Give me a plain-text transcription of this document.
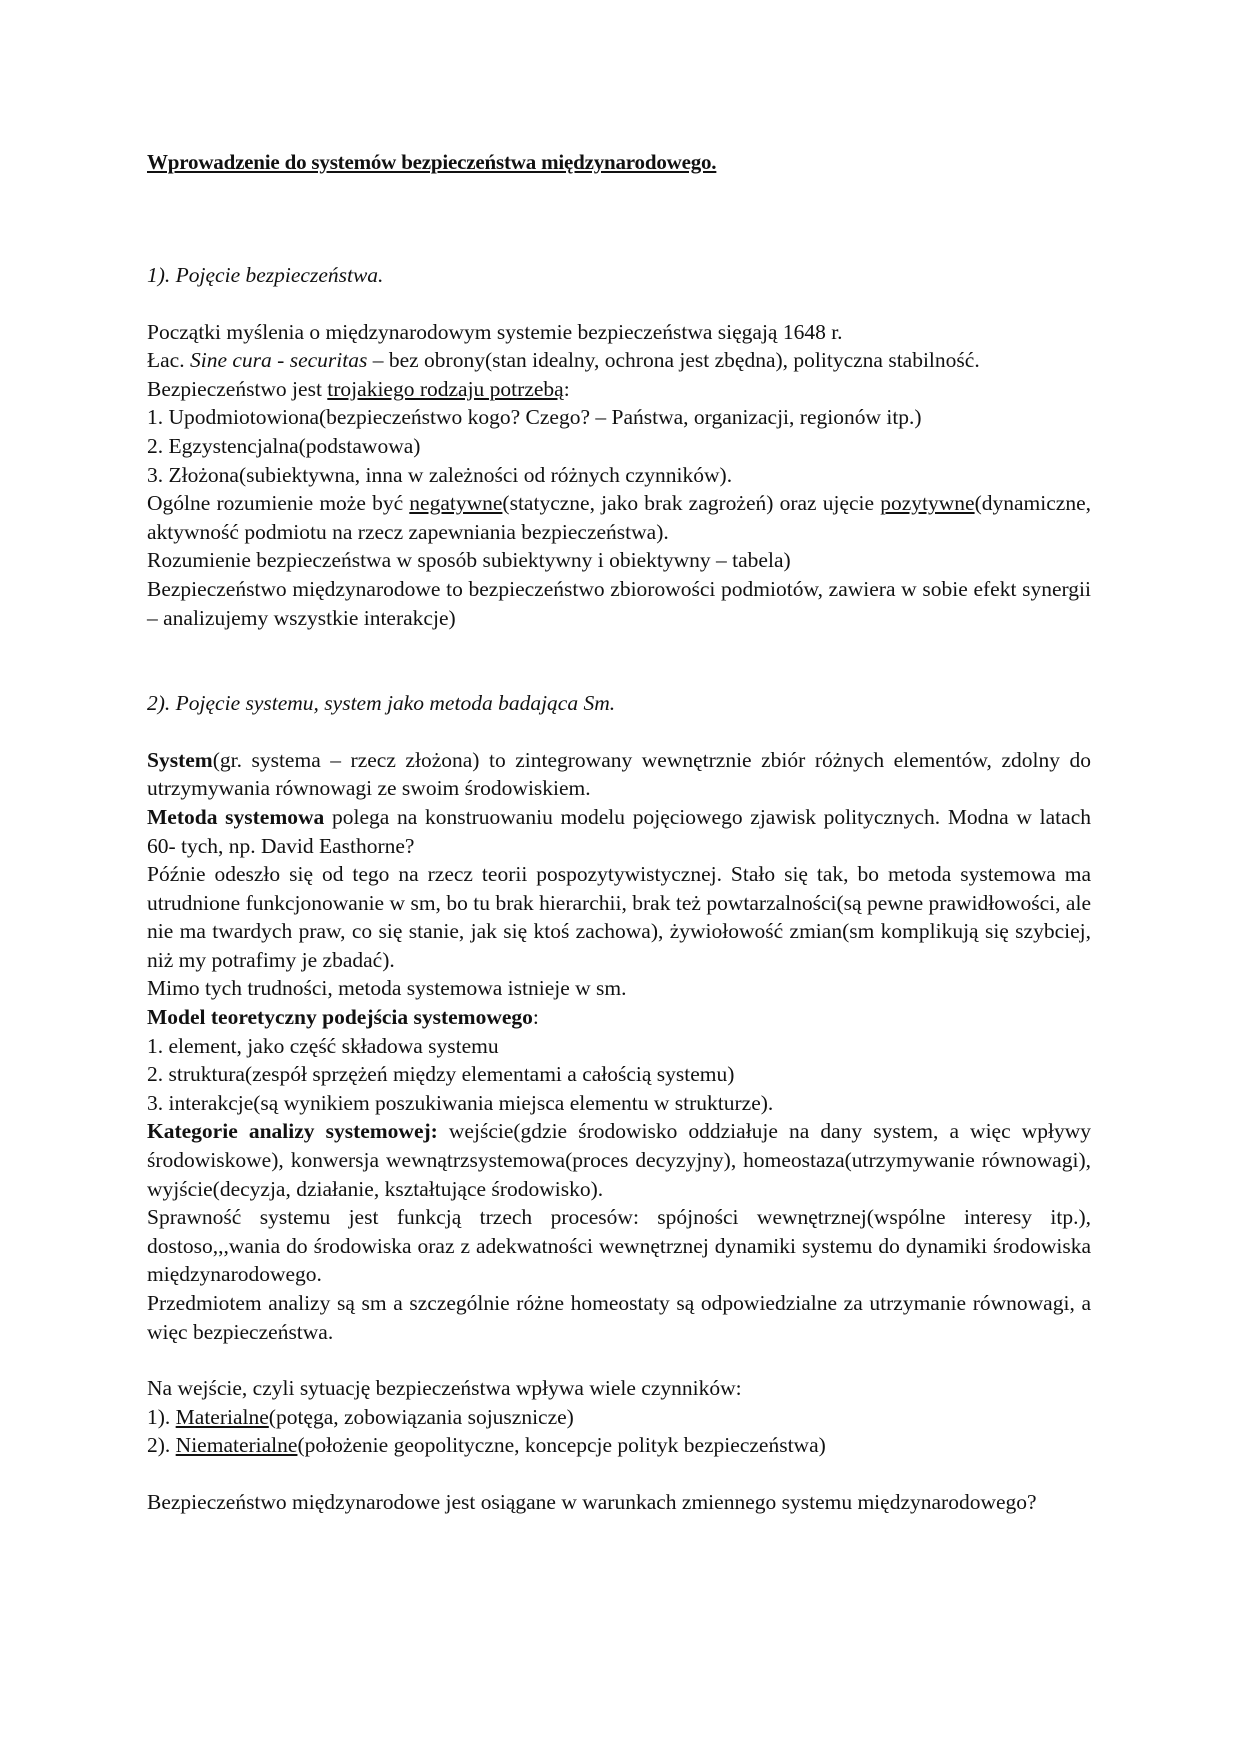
Wprowadzenie do systemów bezpieczeństwa międzynarodowego.

1). Pojęcie bezpieczeństwa.

Początki myślenia o międzynarodowym systemie bezpieczeństwa sięgają 1648 r.

Łac. Sine cura - securitas – bez obrony(stan idealny, ochrona jest zbędna), polityczna stabilność.

Bezpieczeństwo jest trojakiego rodzaju potrzebą:

1. Upodmiotowiona(bezpieczeństwo kogo? Czego? – Państwa, organizacji, regionów itp.)

2. Egzystencjalna(podstawowa)

3. Złożona(subiektywna, inna w zależności od różnych czynników).

Ogólne rozumienie może być negatywne(statyczne, jako brak zagrożeń) oraz ujęcie pozytywne(dynamiczne, aktywność podmiotu na rzecz zapewniania bezpieczeństwa).

Rozumienie bezpieczeństwa w sposób subiektywny i obiektywny – tabela)

Bezpieczeństwo międzynarodowe to bezpieczeństwo zbiorowości podmiotów, zawiera w sobie efekt synergii – analizujemy wszystkie interakcje)

2). Pojęcie systemu, system jako metoda badająca Sm.

System(gr. systema – rzecz złożona) to zintegrowany wewnętrznie zbiór różnych elementów, zdolny do utrzymywania równowagi ze swoim środowiskiem.

Metoda systemowa polega na konstruowaniu modelu pojęciowego zjawisk politycznych. Modna w latach 60- tych, np. David Easthorne?

Późnie odeszło się od tego na rzecz teorii pospozytywistycznej. Stało się tak, bo metoda systemowa ma utrudnione funkcjonowanie w sm, bo tu brak hierarchii, brak też powtarzalności(są pewne prawidłowości, ale nie ma twardych praw, co się stanie, jak się ktoś zachowa), żywiołowość zmian(sm komplikują się szybciej, niż my potrafimy je zbadać).

Mimo tych trudności, metoda systemowa istnieje w sm.

Model teoretyczny podejścia systemowego:

1. element, jako część składowa systemu

2. struktura(zespół sprzężeń między elementami a całością systemu)

3. interakcje(są wynikiem poszukiwania miejsca elementu w strukturze).

Kategorie analizy systemowej: wejście(gdzie środowisko oddziałuje na dany system, a więc wpływy środowiskowe), konwersja wewnątrzsystemowa(proces decyzyjny), homeostaza(utrzymywanie równowagi), wyjście(decyzja, działanie, kształtujące środowisko).

Sprawność systemu jest funkcją trzech procesów: spójności wewnętrznej(wspólne interesy itp.), dostoso,,,wania do środowiska oraz z adekwatności wewnętrznej dynamiki systemu do dynamiki środowiska międzynarodowego.

Przedmiotem analizy są sm a szczególnie różne homeostaty są odpowiedzialne za utrzymanie równowagi, a więc bezpieczeństwa.

Na wejście, czyli sytuację bezpieczeństwa wpływa wiele czynników:

1). Materialne(potęga, zobowiązania sojusznicze)

2). Niematerialne(położenie geopolityczne, koncepcje polityk bezpieczeństwa)

Bezpieczeństwo międzynarodowe jest osiągane w warunkach zmiennego systemu międzynarodowego?
